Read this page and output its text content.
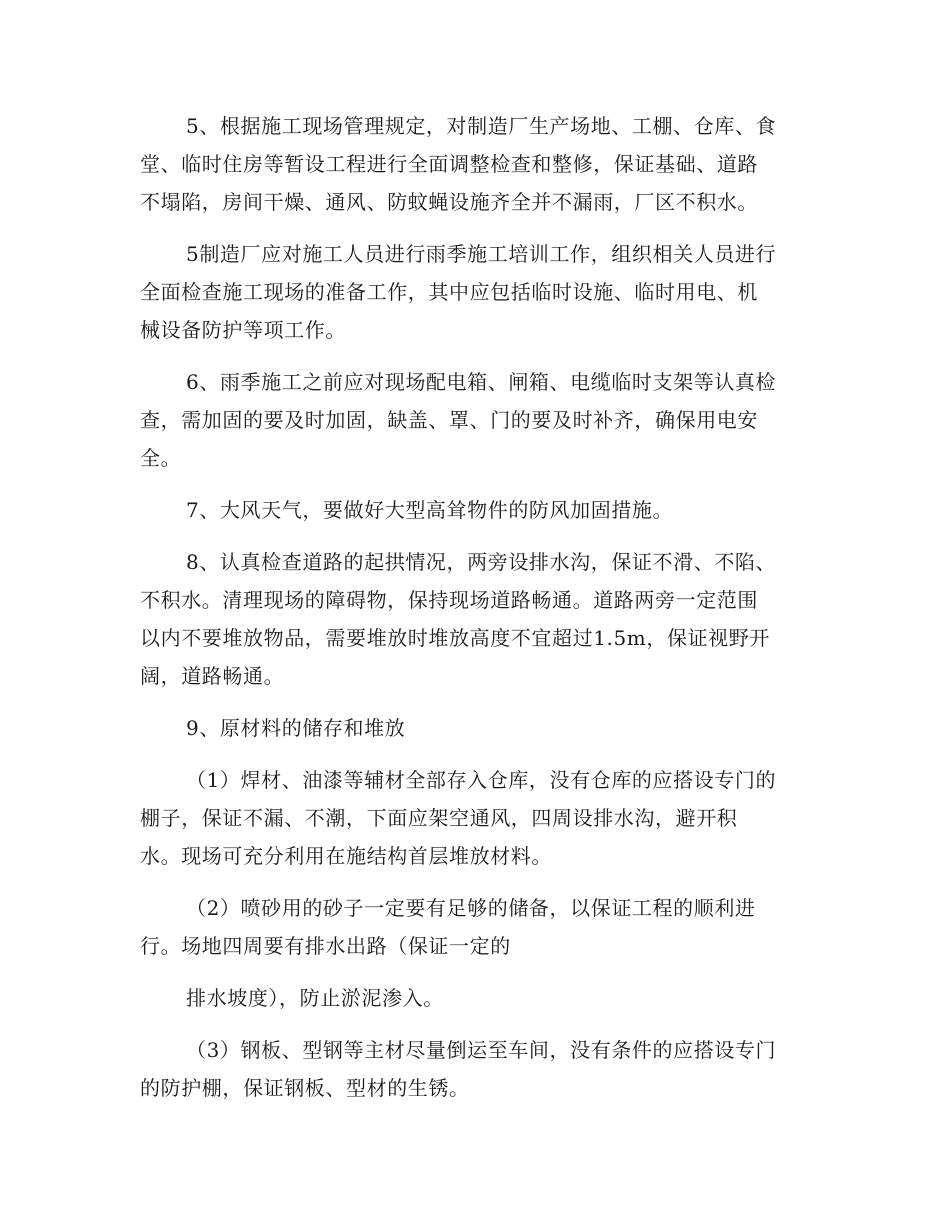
5、根据施工现场管理规定，对制造厂生产场地、工棚、仓库、食
堂、临时住房等暂设工程进行全面调整检查和整修，保证基础、道路
不塌陷，房间干燥、通风、防蚊蝇设施齐全并不漏雨，厂区不积水。
5制造厂应对施工人员进行雨季施工培训工作，组织相关人员进行
全面检查施工现场的准备工作，其中应包括临时设施、临时用电、机
械设备防护等项工作。
6、雨季施工之前应对现场配电箱、闸箱、电缆临时支架等认真检
查，需加固的要及时加固，缺盖、罩、门的要及时补齐，确保用电安
全。
7、大风天气，要做好大型高耸物件的防风加固措施。
8、认真检查道路的起拱情况，两旁设排水沟，保证不滑、不陷、
不积水。清理现场的障碍物，保持现场道路畅通。道路两旁一定范围
以内不要堆放物品，需要堆放时堆放高度不宜超过1.5m，保证视野开
阔，道路畅通。
9、原材料的储存和堆放
（1）焊材、油漆等辅材全部存入仓库，没有仓库的应搭设专门的
棚子，保证不漏、不潮，下面应架空通风，四周设排水沟，避开积
水。现场可充分利用在施结构首层堆放材料。
（2）喷砂用的砂子一定要有足够的储备，以保证工程的顺利进
行。场地四周要有排水出路（保证一定的
排水坡度），防止淤泥渗入。
（3）钢板、型钢等主材尽量倒运至车间，没有条件的应搭设专门
的防护棚，保证钢板、型材的生锈。
